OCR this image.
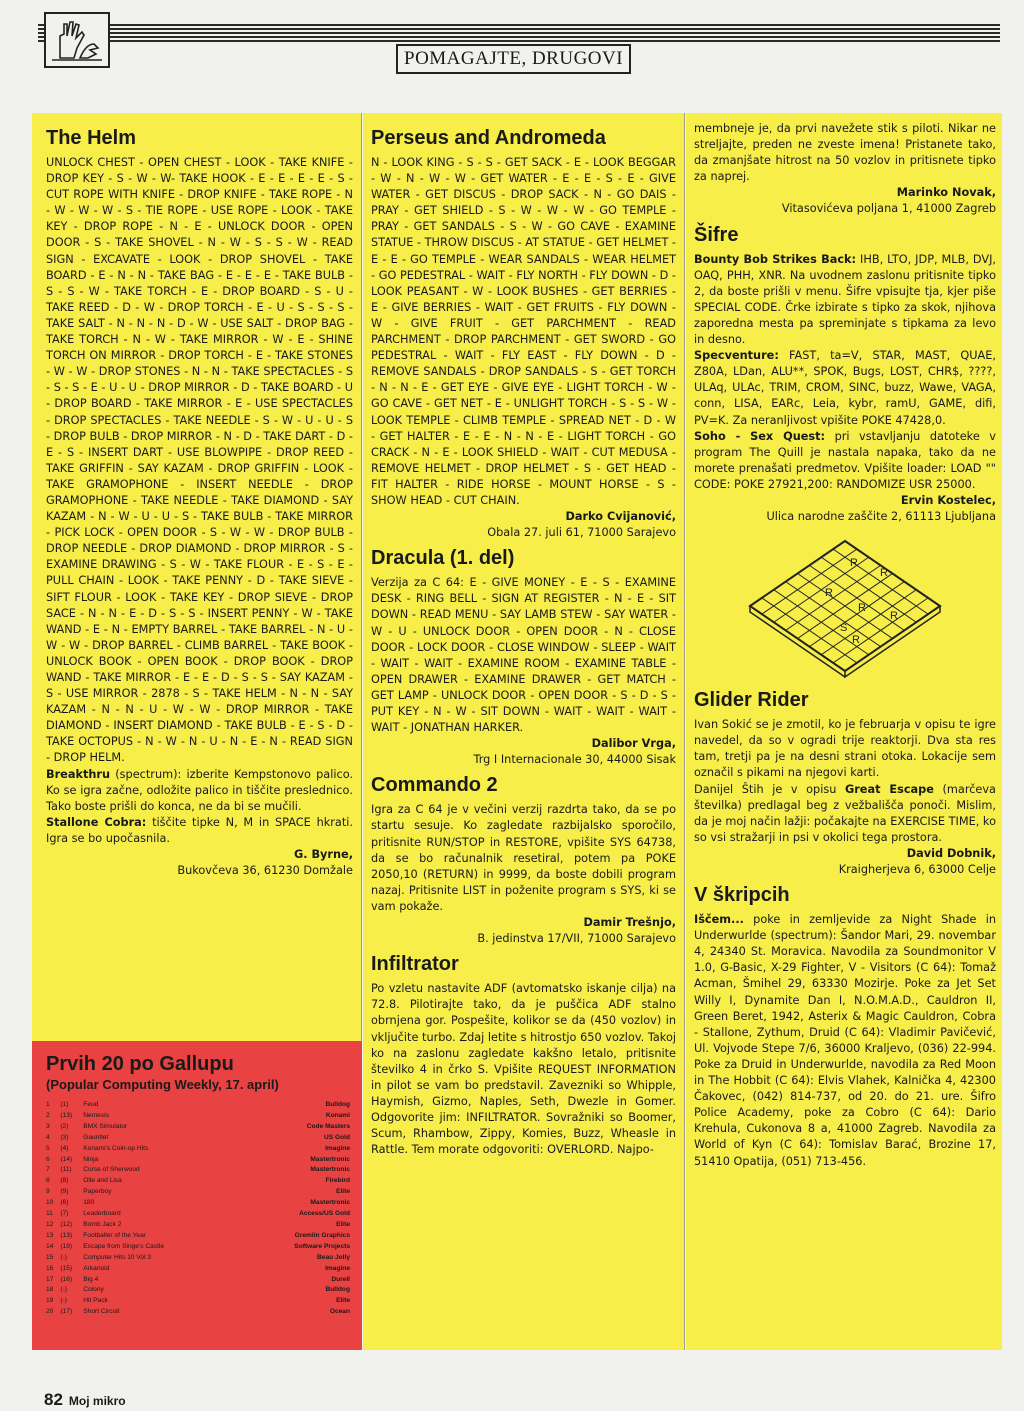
POMAGAJTE, DRUGOVI
The Helm

UNLOCK CHEST - OPEN CHEST - LOOK - TAKE KNIFE - DROP KEY - S - W - W- TAKE HOOK - E - E - E - E - S - CUT ROPE WITH KNIFE - DROP KNIFE - TAKE ROPE - N - W - W - W - S - TIE ROPE - USE ROPE - LOOK - TAKE KEY - DROP ROPE - N - E - UNLOCK DOOR - OPEN DOOR - S - TAKE SHOVEL - N - W - S - S - W - READ SIGN - EXCAVATE - LOOK - DROP SHOVEL - TAKE BOARD - E - N - N - TAKE BAG - E - E - E - TAKE BULB - S - S - W - TAKE TORCH - E - DROP BOARD - S - U - TAKE REED - D - W - DROP TORCH - E - U - S - S - S - TAKE SALT - N - N - N - D - W - USE SALT - DROP BAG - TAKE TORCH - N - W - TAKE MIRROR - W - E - SHINE TORCH ON MIRROR - DROP TORCH - E - TAKE STONES - W - W - DROP STONES - N - N - TAKE SPECTACLES - S - S - S - E - U - U - DROP MIRROR - D - TAKE BOARD - U - DROP BOARD - TAKE MIRROR - E - USE SPECTACLES - DROP SPECTACLES - TAKE NEEDLE - S - W - U - U - S - DROP BULB - DROP MIRROR - N - D - TAKE DART - D - E - S - INSERT DART - USE BLOWPIPE - DROP REED - TAKE GRIFFIN - SAY KAZAM - DROP GRIFFIN - LOOK - TAKE GRAMOPHONE - INSERT NEEDLE - DROP GRAMOPHONE - TAKE NEEDLE - TAKE DIAMOND - SAY KAZAM - N - W - U - U - S - TAKE BULB - TAKE MIRROR - PICK LOCK - OPEN DOOR - S - W - W - DROP BULB - DROP NEEDLE - DROP DIAMOND - DROP MIRROR - S - EXAMINE DRAWING - S - W - TAKE FLOUR - E - S - E - PULL CHAIN - LOOK - TAKE PENNY - D - TAKE SIEVE - SIFT FLOUR - LOOK - TAKE KEY - DROP SIEVE - DROP SACE - N - N - E - D - S - S - INSERT PENNY - W - TAKE WAND - E - N - EMPTY BARREL - TAKE BARREL - N - U - W - W - DROP BARREL - CLIMB BARREL - TAKE BOOK - UNLOCK BOOK - OPEN BOOK - DROP BOOK - DROP WAND - TAKE MIRROR - E - E - D - S - S - SAY KAZAM - S - USE MIRROR - 2878 - S - TAKE HELM - N - N - SAY KAZAM - N - N - U - W - W - DROP MIRROR - TAKE DIAMOND - INSERT DIAMOND - TAKE BULB - E - S - D - TAKE OCTOPUS - N - W - N - U - N - E - N - READ SIGN - DROP HELM.

Breakthru (spectrum): izberite Kempstonovo palico. Ko se igra začne, odložite palico in tiščite presledniсо. Tako boste prišli do konca, ne da bi se mučili.

Stallone Cobra: tiščite tipke N, M in SPACE hkrati. Igra se bo upočasnila.

G. Byrne,

Bukovčeva 36, 61230 Domžale

Prvih 20 po Gallupu

(Popular Computing Weekly, 17. april)

1	(1)	Feud	Bulldog
2	(13)	Nemesis	Konami
3	(2)	BMX Simulator	Code Masters
4	(3)	Gauntlet	US Gold
5	(4)	Konami's Coin-op Hits	Imagine
6	(14)	Ninja	Mastertronic
7	(11)	Curse of Sherwood	Mastertronic
8	(8)	Olle and Lisa	Firebird
9	(9)	Paperboy	Elite
10	(6)	180	Mastertronic
11	(7)	Leaderboard	Access/US Gold
12	(12)	Bomb Jack 2	Elite
13	(13)	Footballer of the Year	Gremlin Graphics
14	(19)	Escape from Singe's Castle	Software Projects
15	(-)	Computer Hits 10 Vol 3	Beau Jolly
16	(15)	Arkanoid	Imagine
17	(16)	Big 4	Durell
18	(-)	Colony	Bulldog
19	(-)	Hit Pack	Elite
20	(17)	Short Circuit	Ocean
Perseus and Andromeda

N - LOOK KING - S - S - GET SACK - E - LOOK BEGGAR - W - N - W - W - GET WATER - E - E - S - E - GIVE WATER - GET DISCUS - DROP SACK - N - GO DAIS - PRAY - GET SHIELD - S - W - W - W - GO TEMPLE - PRAY - GET SANDALS - S - W - GO CAVE - EXAMINE STATUE - THROW DISCUS - AT STATUE - GET HELMET - E - E - GO TEMPLE - WEAR SANDALS - WEAR HELMET - GO PEDESTRAL - WAIT - FLY NORTH - FLY DOWN - D - LOOK PEASANT - W - LOOK BUSHES - GET BERRIES - E - GIVE BERRIES - WAIT - GET FRUITS - FLY DOWN - W - GIVE FRUIT - GET PARCHMENT - READ PARCHMENT - DROP PARCHMENT - GET SWORD - GO PEDESTRAL - WAIT - FLY EAST - FLY DOWN - D - REMOVE SANDALS - DROP SANDALS - S - GET TORCH - N - N - E - GET EYE - GIVE EYE - LIGHT TORCH - W - GO CAVE - GET NET - E - UNLIGHT TORCH - S - S - W - LOOK TEMPLE - CLIMB TEMPLE - SPREAD NET - D - W - GET HALTER - E - E - N - N - E - LIGHT TORCH - GO CRACK - N - E - LOOK SHIELD - WAIT - CUT MEDUSA - REMOVE HELMET - DROP HELMET - S - GET HEAD - FIT HALTER - RIDE HORSE - MOUNT HORSE - S - SHOW HEAD - CUT CHAIN.

Darko Cvijanović,

Obala 27. juli 61, 71000 Sarajevo

Dracula (1. del)

Verzija za C 64: E - GIVE MONEY - E - S - EXAMINE DESK - RING BELL - SIGN AT REGISTER - N - E - SIT DOWN - READ MENU - SAY LAMB STEW - SAY WATER - W - U - UNLOCK DOOR - OPEN DOOR - N - CLOSE DOOR - LOCK DOOR - CLOSE WINDOW - SLEEP - WAIT - WAIT - WAIT - EXAMINE ROOM - EXAMINE TABLE - OPEN DRAWER - EXAMINE DRAWER - GET MATCH - GET LAMP - UNLOCK DOOR - OPEN DOOR - S - D - S - PUT KEY - N - W - SIT DOWN - WAIT - WAIT - WAIT - WAIT - JONATHAN HARKER.

Dalibor Vrga,

Trg I Internacionale 30, 44000 Sisak

Commando 2

Igra za C 64 je v večini verzij razdrta tako, da se po startu sesuje. Ko zagledate razbijalsko sporočilo, pritisnite RUN/STOP in RESTORE, vpišite SYS 64738, da se bo računalnik resetiral, potem pa POKE 2050,10 (RETURN) in 9999, da boste dobili program nazaj. Pritisnite LIST in poženite program s SYS, ki se vam pokaže.

Damir Trešnjo,

B. jedinstva 17/VII, 71000 Sarajevo

Infiltrator

Po vzletu nastavite ADF (avtomatsko iskanje cilja) na 72.8. Pilotirajte tako, da je puščica ADF stalno obrnjena gor. Pospešite, kolikor se da (450 vozlov) in vključite turbo. Zdaj letite s hitrostjo 650 vozlov. Takoj ko na zaslonu zagledate kakšno letalo, pritisnite številko 4 in črko S. Vpišite REQUEST INFORMATION in pilot se vam bo predstavil. Zavezniki so Whipple, Haymish, Gizmo, Naples, Seth, Dwezle in Gomer. Odgovorite jim: INFILTRATOR. Sovražniki so Boomer, Scum, Rhambow, Zippy, Komies, Buzz, Wheasle in Rattle. Tem morate odgovoriti: OVERLORD. Najpo-

membneje je, da prvi navežete stik s piloti. Nikar ne streljajte, preden ne zveste imena! Pristanete tako, da zmanjšate hitrost na 50 vozlov in pritisnete tipko za naprej.

Marinko Novak,

Vitasovićeva poljana 1, 41000 Zagreb

Šifre

Bounty Bob Strikes Back: IHB, LTO, JDP, MLB, DVJ, OAQ, PHH, XNR. Na uvodnem zaslonu pritisnite tipko 2, da boste prišli v menu. Šifre vpisujte tja, kjer piše SPECIAL CODE. Črke izbirate s tipko za skok, njihova zaporedna mesta pa spreminjate s tipkama za levo in desno.

Specventure: FAST, ta=V, STAR, MAST, QUAE, Z80A, LDan, ALU**, SPOK, Bugs, LOST, CHR$, ????, ULAq, ULAc, TRIM, CROM, SINC, buzz, Wawe, VAGA, conn, LISA, EARc, Leia, kybr, ramU, GAME, difi, PV=K. Za neranljivost vpišite POKE 47428,0.

Soho - Sex Quest: pri vstavljanju datoteke v program The Quill je nastala napaka, tako da ne morete prenašati predmetov. Vpišite loader: LOAD "" CODE: POKE 27921,200: RANDOMIZE USR 25000.

Ervin Kostelec,

Ulica narodne zaščite 2, 61113 Ljubljana

R
R
R
R
R
S
R
Glider Rider

Ivan Sokić se je zmotil, ko je februarja v opisu te igre navedel, da so v ogradi trije reaktorji. Dva sta res tam, tretji pa je na desni strani otoka. Lokacije sem označil s pikami na njegovi karti.

Danijel Štih je v opisu Great Escape (marčeva številka) predlagal beg z vežbališča ponoči. Mislim, da je moj način lažji: počakajte na EXERCISE TIME, ko so vsi stražarji in psi v okolici tega prostora.

David Dobnik,

Kraigherjeva 6, 63000 Celje

V škripcih

Iščem... poke in zemljevide za Night Shade in Underwurlde (spectrum): Šandor Mari, 29. novembar 4, 24340 St. Moravica. Navodila za Soundmonitor V 1.0, G-Basic, X-29 Fighter, V - Visitors (C 64): Tomaž Acman, Šmihel 29, 63330 Mozirje. Poke za Jet Set Willy I, Dynamite Dan I, N.O.M.A.D., Cauldron II, Green Beret, 1942, Asterix & Magic Cauldron, Cobra - Stallone, Zythum, Druid (C 64): Vladimir Pavičević, Ul. Vojvode Stepe 7/6, 36000 Kraljevo, (036) 22-994. Poke za Druid in Underwurlde, navodila za Red Moon in The Hobbit (C 64): Elvis Vlahek, Kalnička 4, 42300 Čakovec, (042) 814-737, od 20. do 21. ure. Šifro Police Academy, poke za Cobro (C 64): Dario Krehula, Cukonova 8 a, 41000 Zagreb. Navodila za World of Kyn (C 64): Tomislav Barać, Brozine 17, 51410 Opatija, (051) 713-456.

82 Moj mikro
